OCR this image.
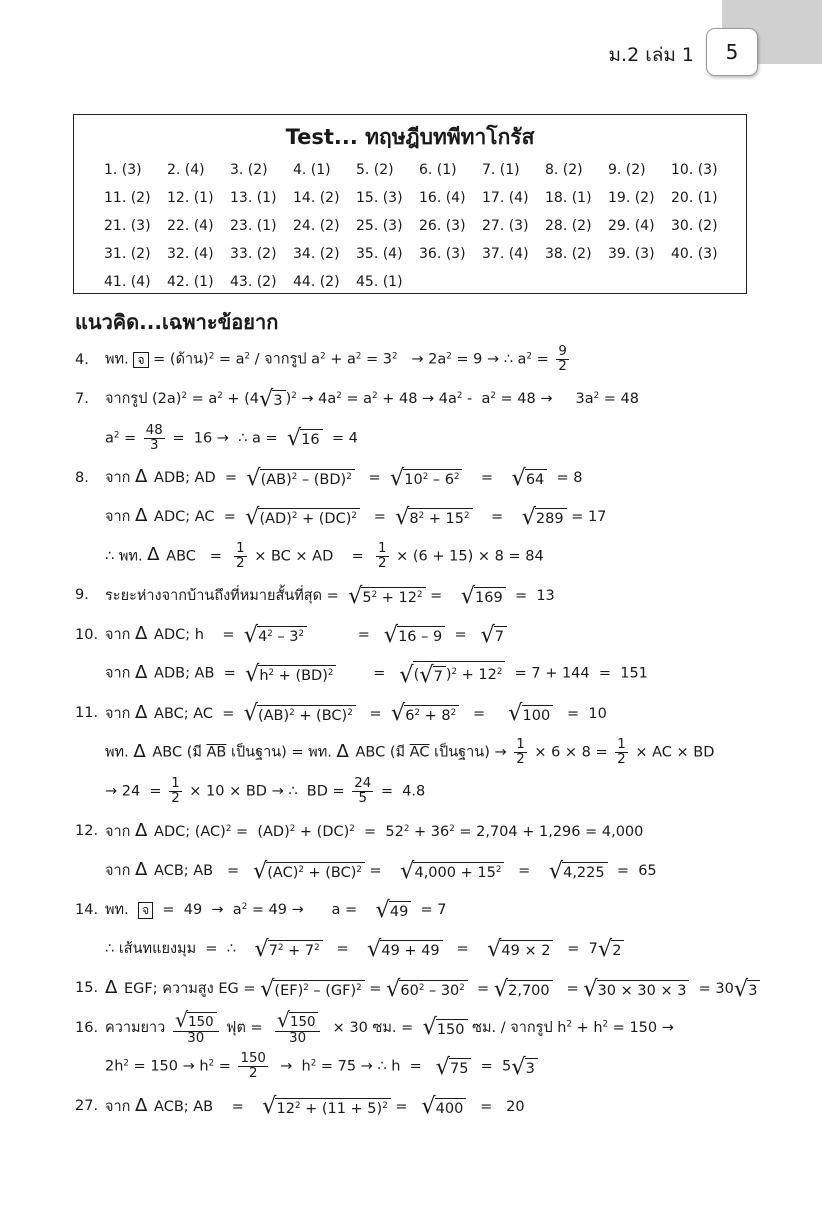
ม.2 เล่ม 1	5
Test... ทฤษฎีบทพีทาโกรัส
1. (3)	2. (4)	3. (2)	4. (1)	5. (2)	6. (1)	7. (1)	8. (2)	9. (2)	10. (3)
11. (2)	12. (1)	13. (1)	14. (2)	15. (3)	16. (4)	17. (4)	18. (1)	19. (2)	20. (1)
21. (3)	22. (4)	23. (1)	24. (2)	25. (3)	26. (3)	27. (3)	28. (2)	29. (4)	30. (2)
31. (2)	32. (4)	33. (2)	34. (2)	35. (4)	36. (3)	37. (4)	38. (2)	39. (3)	40. (3)
41. (4)	42. (1)	43. (2)	44. (2)	45. (1)
แนวคิด...เฉพาะข้อยาก
4.	พท. จ = (ด้าน)$^2 = a^2$ / จากรูป $a^2 + a^2 = 3^2 \to 2a^2 = 9$ → ∴ $a^2 = \frac{9}{2}$
7.	จากรูป $(2a)^2 = a^2 + (4$ √ 3 )$^2 \to 4a^2 = a^2 + 48 \to 4a^2 - a^2 = 48$ →     $3a^2 = 48$
$a^2 = \frac{48}{3} = 16$ →  ∴ a = √ 16 = 4
8.	จาก Δ ADB; AD  = √ (AB)$^2$ – (BD)$^2$ = √ $10^2 - 6^2$ = √ 64 = 8
จาก Δ ADC; AC  = √ (AD)$^2$ + (DC)$^2$ = √ $8^2 + 15^2$ = √ 289 = 17
∴ พท. Δ ABC   = $\frac{1}{2}$ × BC × AD    = $\frac{1}{2} \times (6 + 15) \times 8 = 84$
9.	ระยะห่างจากบ้านถึงที่หมายสั้นที่สุด = √ $5^2 + 12^2$ = √ 169 =  13
10. จาก Δ ADC; h    = √ $4^2 - 3^2$ = √ 16 – 9 = √ 7
จาก Δ ADB; AB  = √ $h^2 + (BD)^2$ = √ ( √ 7 )$^2 + 12^2 = 7 + 144 = 151$
11. จาก Δ ABC; AC  = √ (AB)$^2$ + (BC)$^2$ = √ $6^2 + 8^2$ = √ 100 =  10
พท. Δ ABC (มี $\overline{AB}$ เป็นฐาน) = พท. Δ ABC (มี $\overline{AC}$ เป็นฐาน) → $\frac{1}{2} \times 6 \times 8 = \frac{1}{2}$ × AC × BD
→ $24 = \frac{1}{2} \times 10$ × BD → ∴  BD = $\frac{24}{5} = 4.8$
12. จาก Δ ADC; $(AC)^2 = (AD)^2 + (DC)^2 = 52^2 + 36^2 = 2,704 + 1,296 = 4,000$
จาก Δ ACB; AB   = √ (AC)$^2$ + (BC)$^2$ = √ $4,000 + 15^2$ = √ 4,225 =  65
14. พท.  จ  =  $49 \to a^2 = 49$ →      a = √ 49 = 7
∴ เส้นทแยงมุม  =  ∴ √ $7^2 + 7^2$ = √ 49 + 49 = √ 49 × 2 =  7 √ 2
15. Δ EGF; ความสูง EG = √ (EF)$^2$ – (GF)$^2$ = √ $60^2 - 30^2$ = √ 2,700 = √ 30 × 30 × 3 = 30 √ 3
16. ความยาว $\frac{√ 150}{30}$ ฟุต = $\frac{√ 150}{30} \times 30$ ซม. = √ 150 ซม. / จากรูป $h^2 + h^2 = 150$ →
$2h^2 = 150 \to h^2 = \frac{150}{2} \to h^2 = 75$ → ∴ h  = √ 75 =  5 √ 3
27. จาก Δ ACB; AB    = √ $12^2 + (11 + 5)^2$ = √ 400 =   20
